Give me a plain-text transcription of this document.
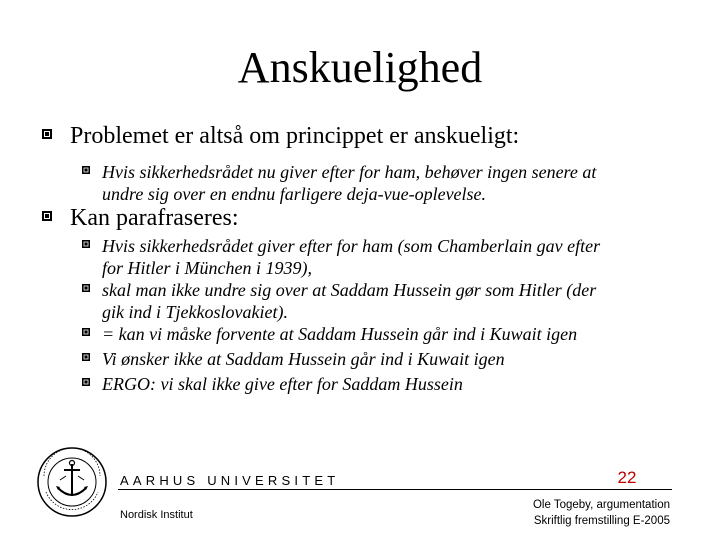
Anskuelighed
Problemet er altså om princippet er anskueligt:
Hvis sikkerhedsrådet nu giver efter for ham, behøver ingen senere at
undre sig over en endnu farligere deja-vue-oplevelse.
Kan parafraseres:
Hvis sikkerhedsrådet giver efter for ham (som Chamberlain gav efter
for Hitler i München i 1939),
skal man ikke undre sig over at Saddam Hussein gør som Hitler (der
gik ind i Tjekkoslovakiet).
= kan vi måske forvente at Saddam Hussein går ind i Kuwait igen
Vi ønsker ikke at Saddam Hussein går ind i Kuwait igen
ERGO: vi skal ikke give efter for Saddam Hussein
AARHUS UNIVERSITET
Nordisk Institut
22
Ole Togeby, argumentation
Skriftlig fremstilling E-2005
